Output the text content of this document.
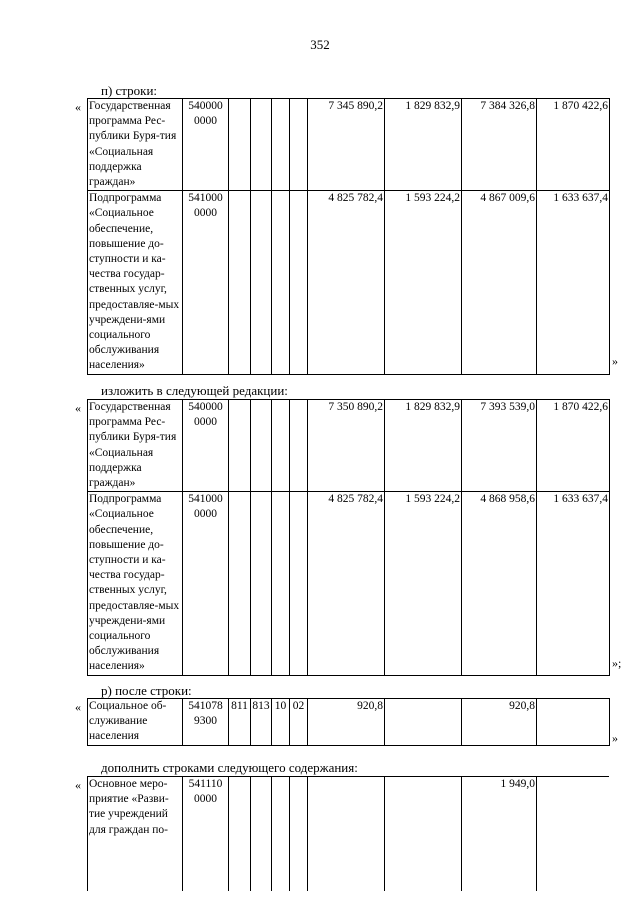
352
п) строки:
« Государственная программа Рес-публики Буря-тия «Социальная поддержка граждан»	540000 0000					7 345 890,2	1 829 832,9	7 384 326,8	1 870 422,6
Подпрограмма «Социальное обеспечение, повышение до-ступности и ка-чества государ-ственных услуг, предоставляе-мых учреждени-ями социального обслуживания населения»	541000 0000					4 825 782,4	1 593 224,2	4 867 009,6	1 633 637,4
»
изложить в следующей редакции:
« Государственная программа Рес-публики Буря-тия «Социальная поддержка граждан»	540000 0000					7 350 890,2	1 829 832,9	7 393 539,0	1 870 422,6
Подпрограмма «Социальное обеспечение, повышение до-ступности и ка-чества государ-ственных услуг, предоставляе-мых учреждени-ями социального обслуживания населения»	541000 0000					4 825 782,4	1 593 224,2	4 868 958,6	1 633 637,4
»;
р) после строки:
« Социальное об-служивание населения	541078 9300	811	813	10	02	920,8		920,8	
»
дополнить строками следующего содержания:
« Основное меро-приятие «Разви-тие учреждений для граждан по-	541110 0000							1 949,0	
